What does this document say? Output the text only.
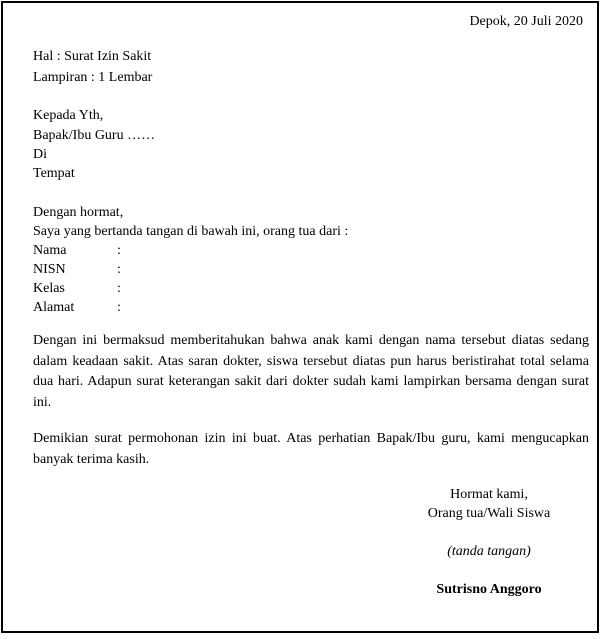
Depok, 20 Juli 2020
Hal : Surat Izin Sakit
Lampiran : 1 Lembar
Kepada Yth,
Bapak/Ibu Guru ……
Di
Tempat
Dengan hormat,
Saya yang bertanda tangan di bawah ini, orang tua dari :
Nama	:
NISN	:
Kelas	:
Alamat	:
Dengan ini bermaksud memberitahukan bahwa anak kami dengan nama tersebut diatas sedang dalam keadaan sakit. Atas saran dokter, siswa tersebut diatas pun harus beristirahat total selama dua hari. Adapun surat keterangan sakit dari dokter sudah kami lampirkan bersama dengan surat ini.
Demikian surat permohonan izin ini buat. Atas perhatian Bapak/Ibu guru, kami mengucapkan banyak terima kasih.
Hormat kami,
Orang tua/Wali Siswa
(tanda tangan)
Sutrisno Anggoro
